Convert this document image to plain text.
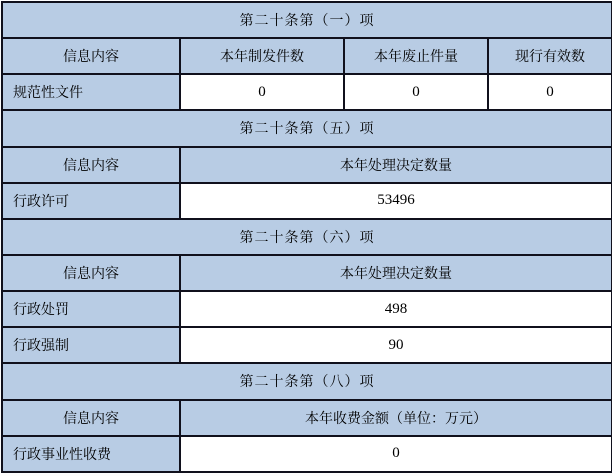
第二十条第（一）项			
信息内容	本年制发件数	本年废止件量	现行有效数
规范性文件	0	0	0
第二十条第（五）项			
信息内容	本年处理决定数量		
行政许可	53496		
第二十条第（六）项			
信息内容	本年处理决定数量		
行政处罚	498		
行政强制	90		
第二十条第（八）项			
信息内容	本年收费金额（单位：万元）		
行政事业性收费	0		
